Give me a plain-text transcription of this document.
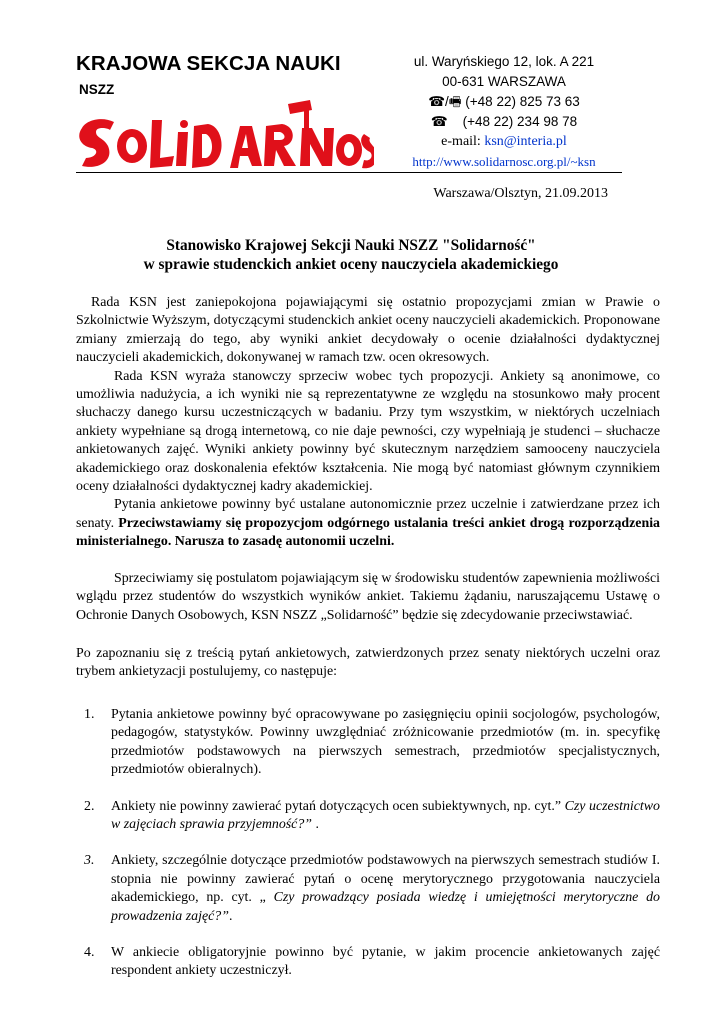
KRAJOWA SEKCJA NAUKI
NSZZ
ul. Waryńskiego 12, lok. A 221
00-631 WARSZAWA
☎/🖷 (+48 22) 825 73 63
☎ (+48 22) 234 98 78
e-mail: ksn@interia.pl
http://www.solidarnosc.org.pl/~ksn
Warszawa/Olsztyn, 21.09.2013
Stanowisko Krajowej Sekcji Nauki NSZZ "Solidarność"
w sprawie studenckich ankiet oceny nauczyciela akademickiego

Rada KSN jest zaniepokojona pojawiającymi się ostatnio propozycjami zmian w Prawie o Szkolnictwie Wyższym, dotyczącymi studenckich ankiet oceny nauczycieli akademickich. Proponowane zmiany zmierzają do tego, aby wyniki ankiet decydowały o ocenie działalności dydaktycznej nauczycieli akademickich, dokonywanej w ramach tzw. ocen okresowych.

Rada KSN wyraża stanowczy sprzeciw wobec tych propozycji. Ankiety są anonimowe, co umożliwia nadużycia, a ich wyniki nie są reprezentatywne ze względu na stosunkowo mały procent słuchaczy danego kursu uczestniczących w badaniu. Przy tym wszystkim, w niektórych uczelniach ankiety wypełniane są drogą internetową, co nie daje pewności, czy wypełniają je studenci – słuchacze ankietowanych zajęć. Wyniki ankiety powinny być skutecznym narzędziem samooceny nauczyciela akademickiego oraz doskonalenia efektów kształcenia. Nie mogą być natomiast głównym czynnikiem oceny działalności dydaktycznej kadry akademickiej.

Pytania ankietowe powinny być ustalane autonomicznie przez uczelnie i zatwierdzane przez ich senaty. Przeciwstawiamy się propozycjom odgórnego ustalania treści ankiet drogą rozporządzenia ministerialnego. Narusza to zasadę autonomii uczelni.

Sprzeciwiamy się postulatom pojawiającym się w środowisku studentów zapewnienia możliwości wglądu przez studentów do wszystkich wyników ankiet. Takiemu żądaniu, naruszającemu Ustawę o Ochronie Danych Osobowych, KSN NSZZ „Solidarność” będzie się zdecydowanie przeciwstawiać.

Po zapoznaniu się z treścią pytań ankietowych, zatwierdzonych przez senaty niektórych uczelni oraz trybem ankietyzacji postulujemy, co następuje:

1. Pytania ankietowe powinny być opracowywane po zasięgnięciu opinii socjologów, psychologów, pedagogów, statystyków. Powinny uwzględniać zróżnicowanie przedmiotów (m. in. specyfikę przedmiotów podstawowych na pierwszych semestrach, przedmiotów specjalistycznych, przedmiotów obieralnych).
2. Ankiety nie powinny zawierać pytań dotyczących ocen subiektywnych, np. cyt.” Czy uczestnictwo w zajęciach sprawia przyjemność?” .
3. Ankiety, szczególnie dotyczące przedmiotów podstawowych na pierwszych semestrach studiów I. stopnia nie powinny zawierać pytań o ocenę merytorycznego przygotowania nauczyciela akademickiego, np. cyt. „ Czy prowadzący posiada wiedzę i umiejętności merytoryczne do prowadzenia zajęć?”.
4. W ankiecie obligatoryjnie powinno być pytanie, w jakim procencie ankietowanych zajęć respondent ankiety uczestniczył.
